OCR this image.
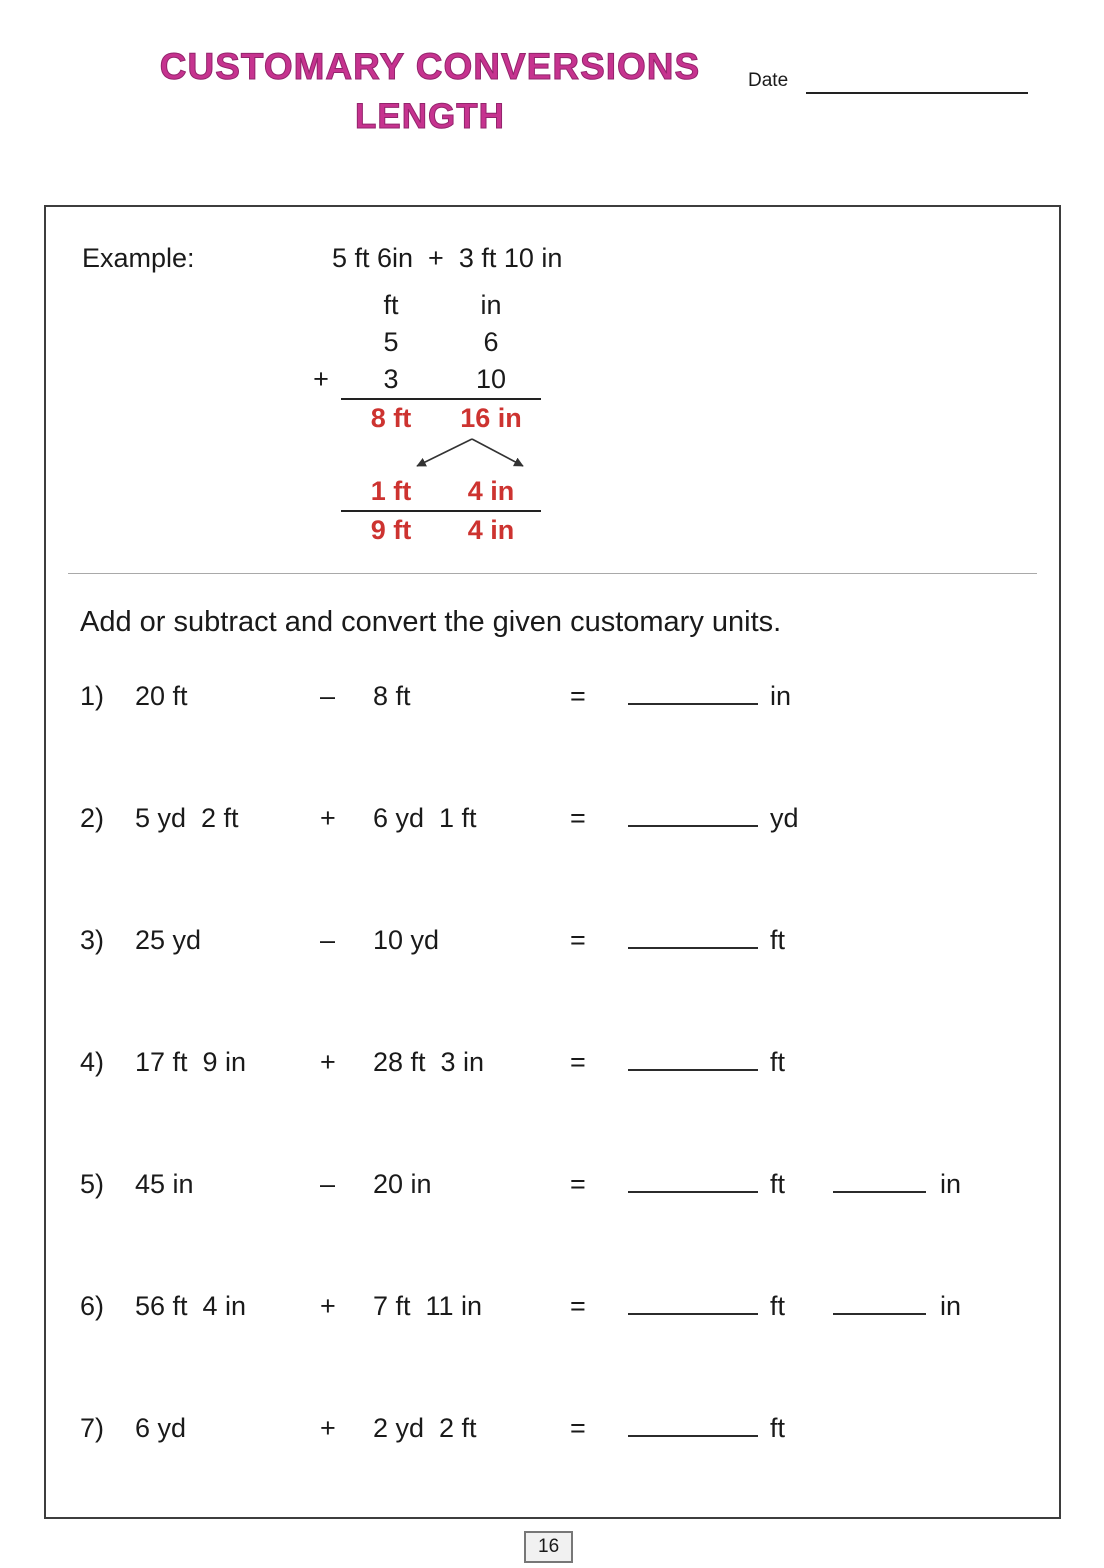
CUSTOMARY CONVERSIONS
LENGTH
Date
Example:	5 ft 6in  +  3 ft 10 in
ft	in
5	6
+	3	10
8 ft	16 in
1 ft	4 in
9 ft	4 in
Add or subtract and convert the given customary units.
1)	20 ft	–	8 ft	=	in
2)	5 yd  2 ft	+	6 yd  1 ft	=	yd
3)	25 yd	–	10 yd	=	ft
4)	17 ft  9 in	+	28 ft  3 in	=	ft
5)	45 in	–	20 in	=	ft	in
6)	56 ft  4 in	+	7 ft  11 in	=	ft	in
7)	6 yd	+	2 yd  2 ft	=	ft
16
